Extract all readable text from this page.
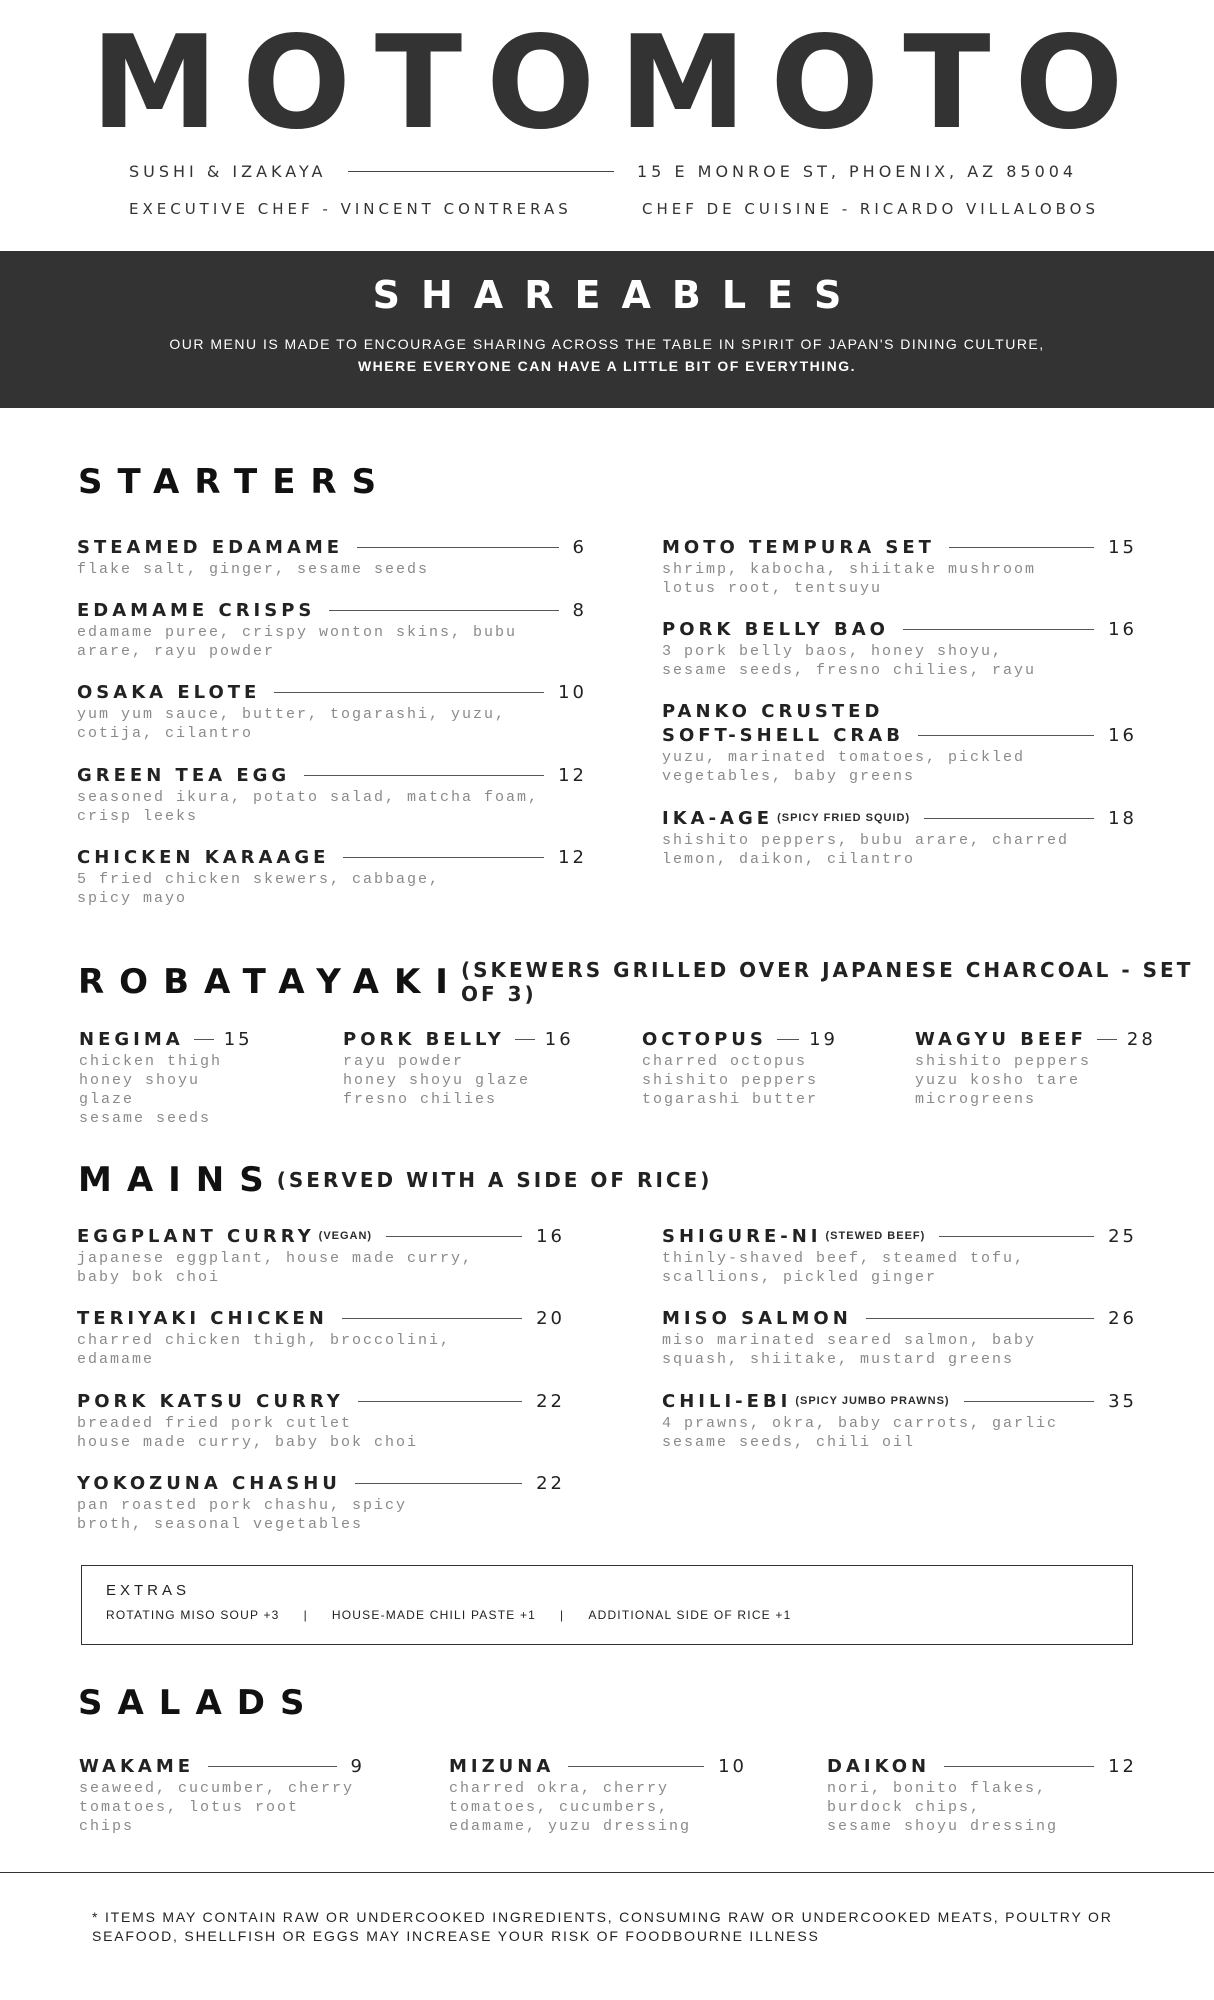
MOTOMOTO
SUSHI & IZAKAYA	15 E MONROE ST, PHOENIX, AZ 85004
EXECUTIVE CHEF - VINCENT CONTRERAS	CHEF DE CUISINE - RICARDO VILLALOBOS
SHAREABLES
OUR MENU IS MADE TO ENCOURAGE SHARING ACROSS THE TABLE IN SPIRIT OF JAPAN'S DINING CULTURE,
WHERE EVERYONE CAN HAVE A LITTLE BIT OF EVERYTHING.
STARTERS
STEAMED EDAMAME	6
flake salt, ginger, sesame seeds
EDAMAME CRISPS	8
edamame puree, crispy wonton skins, bubu
arare, rayu powder
OSAKA ELOTE	10
yum yum sauce, butter, togarashi, yuzu,
cotija, cilantro
GREEN TEA EGG	12
seasoned ikura, potato salad, matcha foam,
crisp leeks
CHICKEN KARAAGE	12
5 fried chicken skewers, cabbage,
spicy mayo
MOTO TEMPURA SET	15
shrimp, kabocha, shiitake mushroom
lotus root, tentsuyu
PORK BELLY BAO	16
3 pork belly baos, honey shoyu,
sesame seeds, fresno chilies, rayu
PANKO CRUSTED
SOFT-SHELL CRAB	16
yuzu, marinated tomatoes, pickled
vegetables, baby greens
IKA-AGE (SPICY FRIED SQUID)	18
shishito peppers, bubu arare, charred
lemon, daikon, cilantro
ROBATAYAKI
(SKEWERS GRILLED OVER JAPANESE CHARCOAL - SET OF 3)
NEGIMA 15
chicken thigh
honey shoyu glaze
sesame seeds
PORK BELLY 16
rayu powder
honey shoyu glaze
fresno chilies
OCTOPUS 19
charred octopus
shishito peppers
togarashi butter
WAGYU BEEF 28
shishito peppers
yuzu kosho tare
microgreens
MAINS
(SERVED WITH A SIDE OF RICE)
EGGPLANT CURRY (VEGAN)	16
japanese eggplant, house made curry,
baby bok choi
TERIYAKI CHICKEN	20
charred chicken thigh, broccolini,
edamame
PORK KATSU CURRY	22
breaded fried pork cutlet
house made curry, baby bok choi
YOKOZUNA CHASHU	22
pan roasted pork chashu, spicy
broth, seasonal vegetables
SHIGURE-NI (STEWED BEEF)	25
thinly-shaved beef, steamed tofu,
scallions, pickled ginger
MISO SALMON	26
miso marinated seared salmon, baby
squash, shiitake, mustard greens
CHILI-EBI (SPICY JUMBO PRAWNS)	35
4 prawns, okra, baby carrots, garlic
sesame seeds, chili oil
EXTRAS
ROTATING MISO SOUP +3 | HOUSE-MADE CHILI PASTE +1 | ADDITIONAL SIDE OF RICE +1
SALADS
WAKAME	9
seaweed, cucumber, cherry
tomatoes, lotus root chips
MIZUNA	10
charred okra, cherry
tomatoes, cucumbers,
edamame, yuzu dressing
DAIKON	12
nori, bonito flakes,
burdock chips,
sesame shoyu dressing
* ITEMS MAY CONTAIN RAW OR UNDERCOOKED INGREDIENTS, CONSUMING RAW OR UNDERCOOKED MEATS, POULTRY OR SEAFOOD, SHELLFISH OR EGGS MAY INCREASE YOUR RISK OF FOODBOURNE ILLNESS
